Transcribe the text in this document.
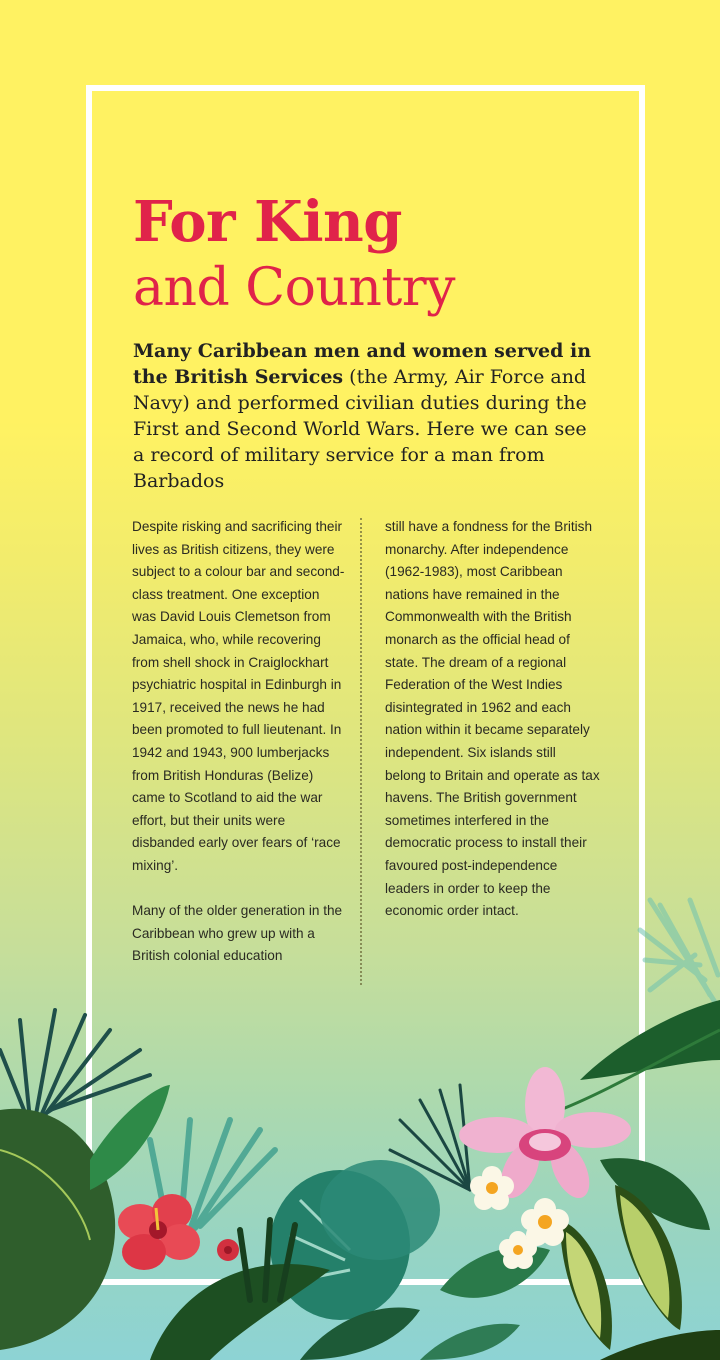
For King
and Country

Many Caribbean men and women served in the British Services (the Army, Air Force and Navy) and performed civilian duties during the First and Second World Wars. Here we can see a record of military service for a man from Barbados

Despite risking and sacrificing their lives as British citizens, they were subject to a colour bar and second-class treatment. One exception was David Louis Clemetson from Jamaica, who, while recovering from shell shock in Craiglockhart psychiatric hospital in Edinburgh in 1917, received the news he had been promoted to full lieutenant. In 1942 and 1943, 900 lumberjacks from British Honduras (Belize) came to Scotland to aid the war effort, but their units were disbanded early over fears of ‘race mixing’.

Many of the older generation in the Caribbean who grew up with a British colonial education

still have a fondness for the British monarchy. After independence (1962-1983), most Caribbean nations have remained in the Commonwealth with the British monarch as the official head of state. The dream of a regional Federation of the West Indies disintegrated in 1962 and each nation within it became separately independent. Six islands still belong to Britain and operate as tax havens. The British government sometimes interfered in the democratic process to install their favoured post-independence leaders in order to keep the economic order intact.
